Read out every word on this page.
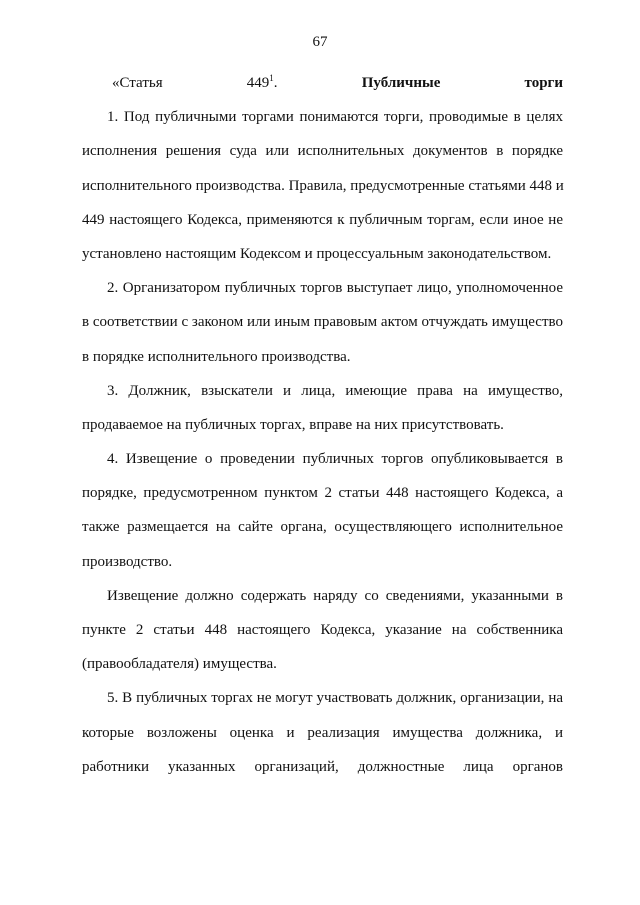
67
«Статья $449^1$.	Публичные торги
1. Под публичными торгами понимаются торги, проводимые в целях
исполнения решения суда или исполнительных документов в порядке
исполнительного производства. Правила, предусмотренные статьями 448 и
449 настоящего Кодекса, применяются к публичным торгам, если иное не
установлено настоящим Кодексом и процессуальным законодательством.
2. Организатором публичных торгов выступает лицо, уполномоченное
в соответствии с законом или иным правовым актом отчуждать имущество
в порядке исполнительного производства.
3. Должник, взыскатели и лица, имеющие права на имущество,
продаваемое на публичных торгах, вправе на них присутствовать.
4. Извещение о проведении публичных торгов опубликовывается в
порядке, предусмотренном пунктом 2 статьи 448 настоящего Кодекса, а
также размещается на сайте органа, осуществляющего исполнительное
производство.
Извещение должно содержать наряду со сведениями, указанными в
пункте 2 статьи 448 настоящего Кодекса, указание на собственника
(правообладателя) имущества.
5. В публичных торгах не могут участвовать должник, организации, на
которые возложены оценка и реализация имущества должника, и
работники указанных организаций, должностные лица органов
